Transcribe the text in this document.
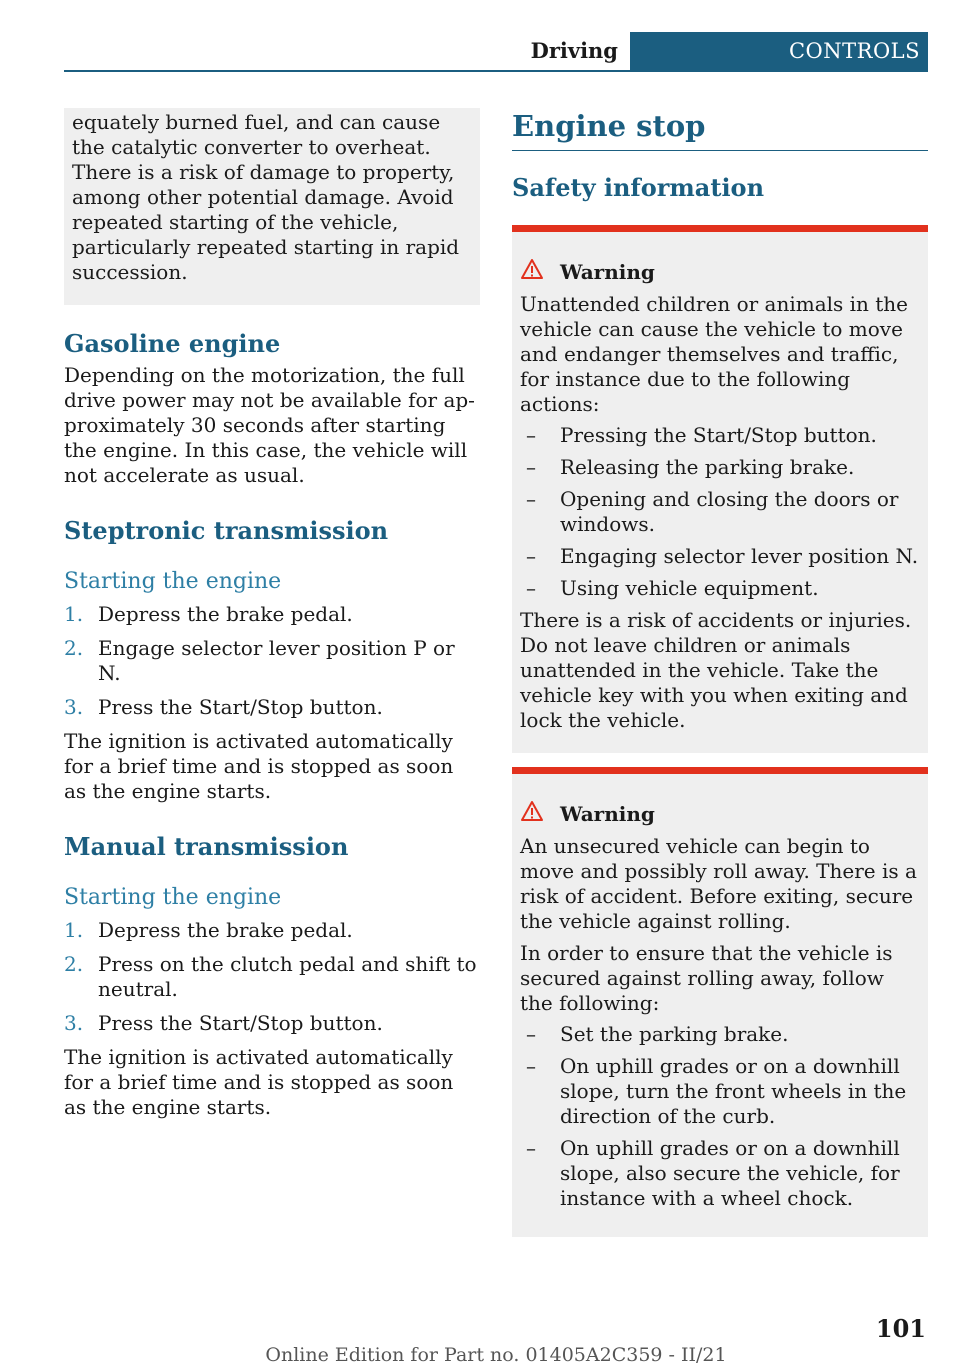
Driving	CONTROLS

equately burned fuel, and can cause the catalytic converter to overheat. There is a risk of damage to property, among other potential damage. Avoid repeated starting of the vehicle, particularly repeated starting in rapid succession.

Gasoline engine

Depending on the motorization, the full drive power may not be available for approximately 30 seconds after starting the engine. In this case, the vehicle will not accelerate as usual.

Steptronic transmission
Starting the engine
1. Depress the brake pedal.
2. Engage selector lever position P or N.
3. Press the Start/Stop button.

The ignition is activated automatically for a brief time and is stopped as soon as the engine starts.

Manual transmission
Starting the engine
1. Depress the brake pedal.
2. Press on the clutch pedal and shift to neutral.
3. Press the Start/Stop button.

The ignition is activated automatically for a brief time and is stopped as soon as the engine starts.

Engine stop
Safety information
Warning

Unattended children or animals in the vehicle can cause the vehicle to move and endanger themselves and traffic, for instance due to the following actions:

–	Pressing the Start/Stop button.
–	Releasing the parking brake.
–	Opening and closing the doors or windows.
–	Engaging selector lever position N.
–	Using vehicle equipment.

There is a risk of accidents or injuries. Do not leave children or animals unattended in the vehicle. Take the vehicle key with you when exiting and lock the vehicle.

Warning

An unsecured vehicle can begin to move and possibly roll away. There is a risk of accident. Before exiting, secure the vehicle against rolling.

In order to ensure that the vehicle is secured against rolling away, follow the following:

–	Set the parking brake.
–	On uphill grades or on a downhill slope, turn the front wheels in the direction of the curb.
–	On uphill grades or on a downhill slope, also secure the vehicle, for instance with a wheel chock.
101
Online Edition for Part no. 01405A2C359 - II/21
